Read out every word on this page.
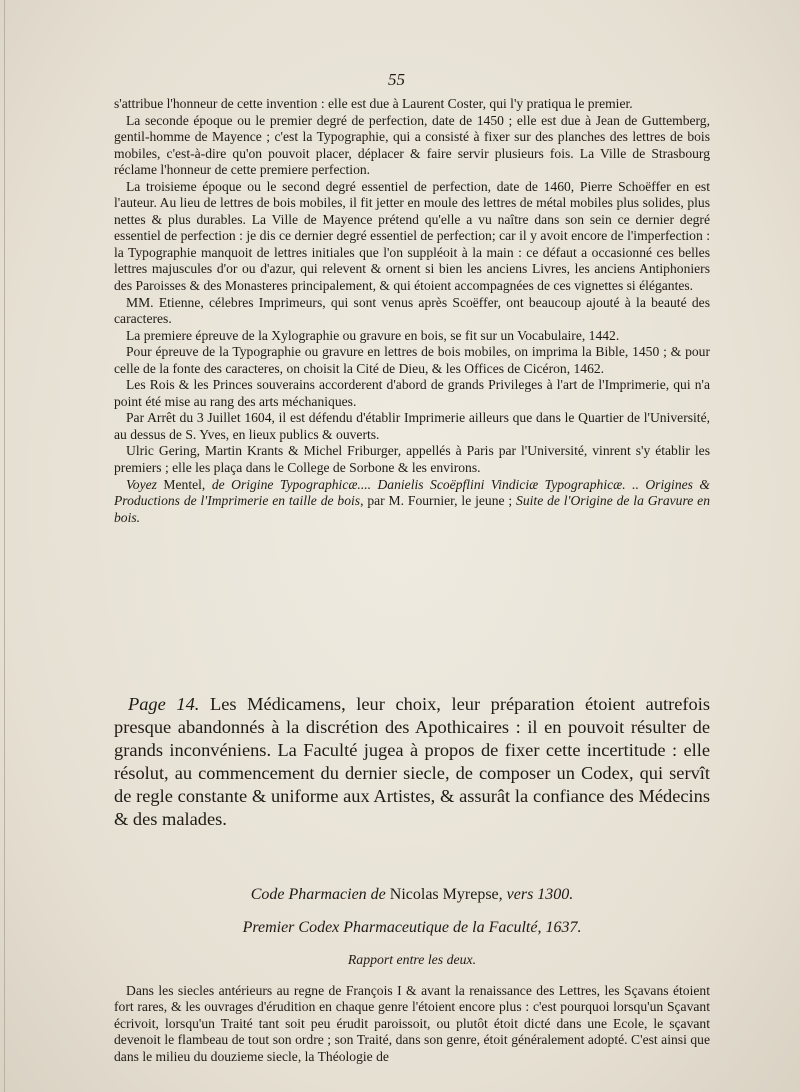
55

s'attribue l'honneur de cette invention : elle est due à Laurent Coster, qui l'y pratiqua le premier.

La seconde époque ou le premier degré de perfection, date de 1450 ; elle est due à Jean de Guttemberg, gentil-homme de Mayence ; c'est la Typographie, qui a consisté à fixer sur des planches des lettres de bois mobiles, c'est-à-dire qu'on pouvoit placer, déplacer & faire servir plusieurs fois. La Ville de Strasbourg réclame l'honneur de cette premiere perfection.

La troisieme époque ou le second degré essentiel de perfection, date de 1460, Pierre Schoëffer en est l'auteur. Au lieu de lettres de bois mobiles, il fit jetter en moule des lettres de métal mobiles plus solides, plus nettes & plus durables. La Ville de Mayence prétend qu'elle a vu naître dans son sein ce dernier degré essentiel de perfection : je dis ce dernier degré essentiel de perfection; car il y avoit encore de l'imperfection : la Typographie manquoit de lettres initiales que l'on suppléoit à la main : ce défaut a occasionné ces belles lettres majuscules d'or ou d'azur, qui relevent & ornent si bien les anciens Livres, les anciens Antiphoniers des Paroisses & des Monasteres principalement, & qui étoient accompagnées de ces vignettes si élégantes.

MM. Etienne, célebres Imprimeurs, qui sont venus après Scoëffer, ont beaucoup ajouté à la beauté des caracteres.

La premiere épreuve de la Xylographie ou gravure en bois, se fit sur un Vocabulaire, 1442.

Pour épreuve de la Typographie ou gravure en lettres de bois mobiles, on imprima la Bible, 1450 ; & pour celle de la fonte des caracteres, on choisit la Cité de Dieu, & les Offices de Cicéron, 1462.

Les Rois & les Princes souverains accorderent d'abord de grands Privileges à l'art de l'Imprimerie, qui n'a point été mise au rang des arts méchaniques.

Par Arrêt du 3 Juillet 1604, il est défendu d'établir Imprimerie ailleurs que dans le Quartier de l'Université, au dessus de S. Yves, en lieux publics & ouverts.

Ulric Gering, Martin Krants & Michel Friburger, appellés à Paris par l'Université, vinrent s'y établir les premiers ; elle les plaça dans le College de Sorbone & les environs.

Voyez Mentel, de Origine Typographicæ.... Danielis Scoëpflini Vindiciæ Typographicæ. .. Origines & Productions de l'Imprimerie en taille de bois, par M. Fournier, le jeune ; Suite de l'Origine de la Gravure en bois.

Page 14. Les Médicamens, leur choix, leur préparation étoient autrefois presque abandonnés à la discrétion des Apothicaires : il en pouvoit résulter de grands inconvéniens. La Faculté jugea à propos de fixer cette incertitude : elle résolut, au commencement du dernier siecle, de composer un Codex, qui servît de regle constante & uniforme aux Artistes, & assurât la confiance des Médecins & des malades.

Code Pharmacien de Nicolas Myrepse, vers 1300.
Premier Codex Pharmaceutique de la Faculté, 1637.
Rapport entre les deux.

Dans les siecles antérieurs au regne de François I & avant la renaissance des Lettres, les Sçavans étoient fort rares, & les ouvrages d'érudition en chaque genre l'étoient encore plus : c'est pourquoi lorsqu'un Sçavant écrivoit, lorsqu'un Traité tant soit peu érudit paroissoit, ou plutôt étoit dicté dans une Ecole, le sçavant devenoit le flambeau de tout son ordre ; son Traité, dans son genre, étoit généralement adopté. C'est ainsi que dans le milieu du douzieme siecle, la Théologie de
